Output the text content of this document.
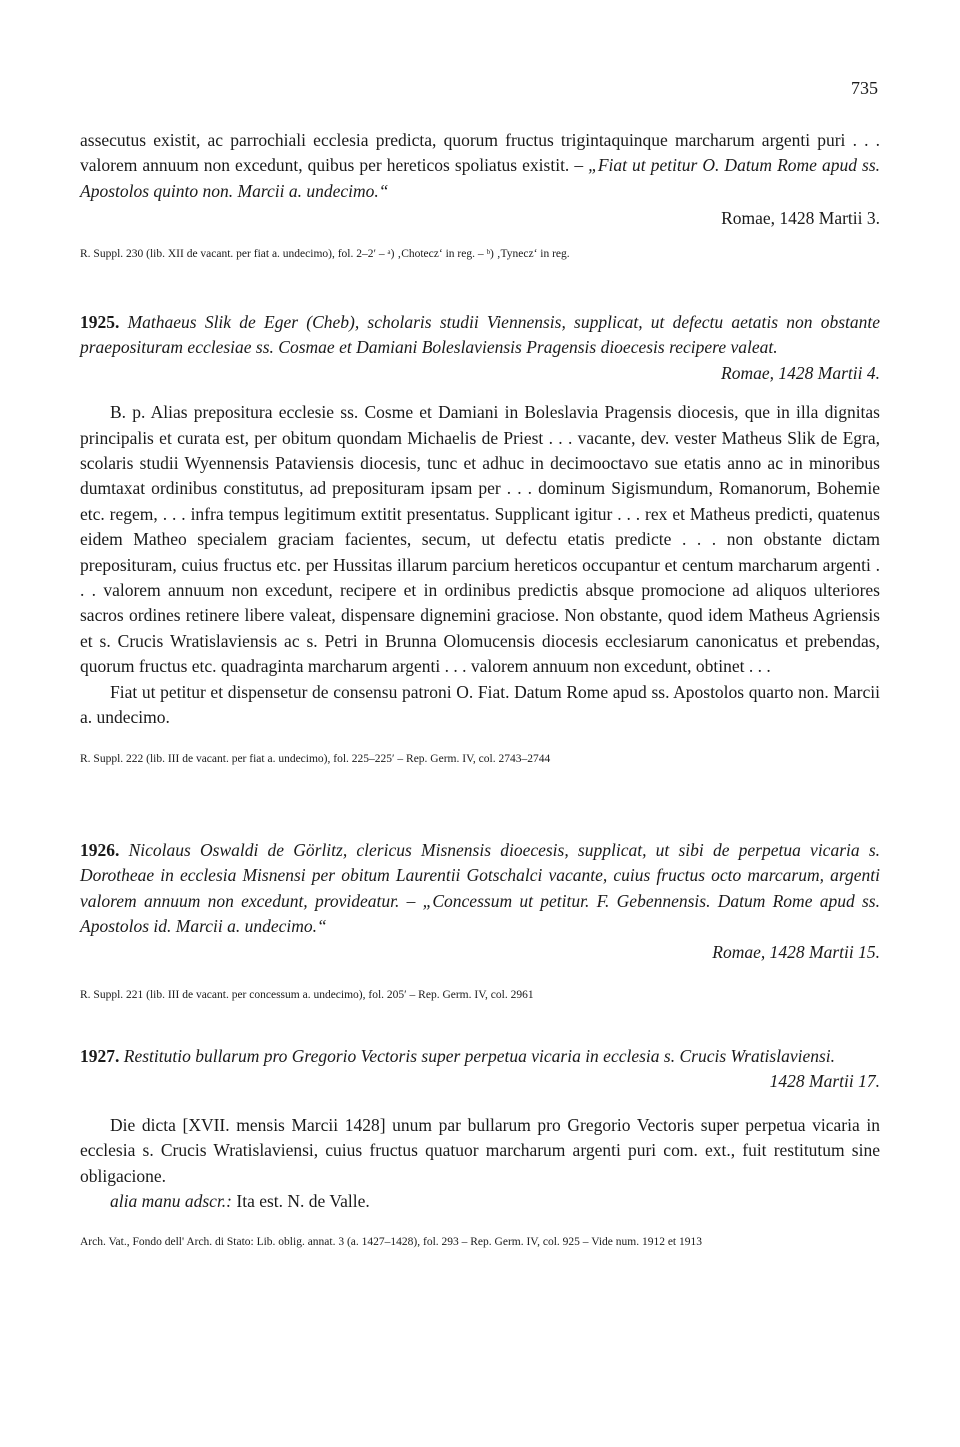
735
assecutus existit, ac parrochiali ecclesia predicta, quorum fructus trigintaquinque marcharum argenti puri . . . valorem annuum non excedunt, quibus per hereticos spoliatus existit. – „Fiat ut petitur O. Datum Rome apud ss. Apostolos quinto non. Marcii a. undecimo.“
Romae, 1428 Martii 3.
R. Suppl. 230 (lib. XII de vacant. per fiat a. undecimo), fol. 2–2′ – ᵃ) ‚Chotecz‘ in reg. – ᵇ) ‚Tynecz‘ in reg.
1925. Mathaeus Slik de Eger (Cheb), scholaris studii Viennensis, supplicat, ut defectu aetatis non obstante praeposituram ecclesiae ss. Cosmae et Damiani Boleslaviensis Pragensis dioecesis recipere valeat.
Romae, 1428 Martii 4.
B. p. Alias prepositura ecclesie ss. Cosme et Damiani in Boleslavia Pragensis diocesis, que in illa dignitas principalis et curata est, per obitum quondam Michaelis de Priest . . . vacante, dev. vester Matheus Slik de Egra, scolaris studii Wyennensis Pataviensis diocesis, tunc et adhuc in decimooctavo sue etatis anno ac in minoribus dumtaxat ordinibus constitutus, ad preposituram ipsam per . . . dominum Sigismundum, Romanorum, Bohemie etc. regem, . . . infra tempus legitimum extitit presentatus. Supplicant igitur . . . rex et Matheus predicti, quatenus eidem Matheo specialem graciam facientes, secum, ut defectu etatis predicte . . . non obstante dictam preposituram, cuius fructus etc. per Hussitas illarum parcium hereticos occupantur et centum marcharum argenti . . . valorem annuum non excedunt, recipere et in ordinibus predictis absque promocione ad aliquos ulteriores sacros ordines retinere libere valeat, dispensare dignemini graciose. Non obstante, quod idem Matheus Agriensis et s. Crucis Wratislaviensis ac s. Petri in Brunna Olomucensis diocesis ecclesiarum canonicatus et prebendas, quorum fructus etc. quadraginta marcharum argenti . . . valorem annuum non excedunt, obtinet . . .
Fiat ut petitur et dispensetur de consensu patroni O. Fiat. Datum Rome apud ss. Apostolos quarto non. Marcii a. undecimo.
R. Suppl. 222 (lib. III de vacant. per fiat a. undecimo), fol. 225–225′ – Rep. Germ. IV, col. 2743–2744
1926. Nicolaus Oswaldi de Görlitz, clericus Misnensis dioecesis, supplicat, ut sibi de perpetua vicaria s. Dorotheae in ecclesia Misnensi per obitum Laurentii Gotschalci vacante, cuius fructus octo marcarum, argenti valorem annuum non excedunt, provideatur. – „Concessum ut petitur. F. Gebennensis. Datum Rome apud ss. Apostolos id. Marcii a. undecimo.“
Romae, 1428 Martii 15.
R. Suppl. 221 (lib. III de vacant. per concessum a. undecimo), fol. 205′ – Rep. Germ. IV, col. 2961
1927. Restitutio bullarum pro Gregorio Vectoris super perpetua vicaria in ecclesia s. Crucis Wratislaviensi.
1428 Martii 17.
Die dicta [XVII. mensis Marcii 1428] unum par bullarum pro Gregorio Vectoris super perpetua vicaria in ecclesia s. Crucis Wratislaviensi, cuius fructus quatuor marcharum argenti puri com. ext., fuit restitutum sine obligacione.
alia manu adscr.: Ita est. N. de Valle.
Arch. Vat., Fondo dell' Arch. di Stato: Lib. oblig. annat. 3 (a. 1427–1428), fol. 293 – Rep. Germ. IV, col. 925 – Vide num. 1912 et 1913
